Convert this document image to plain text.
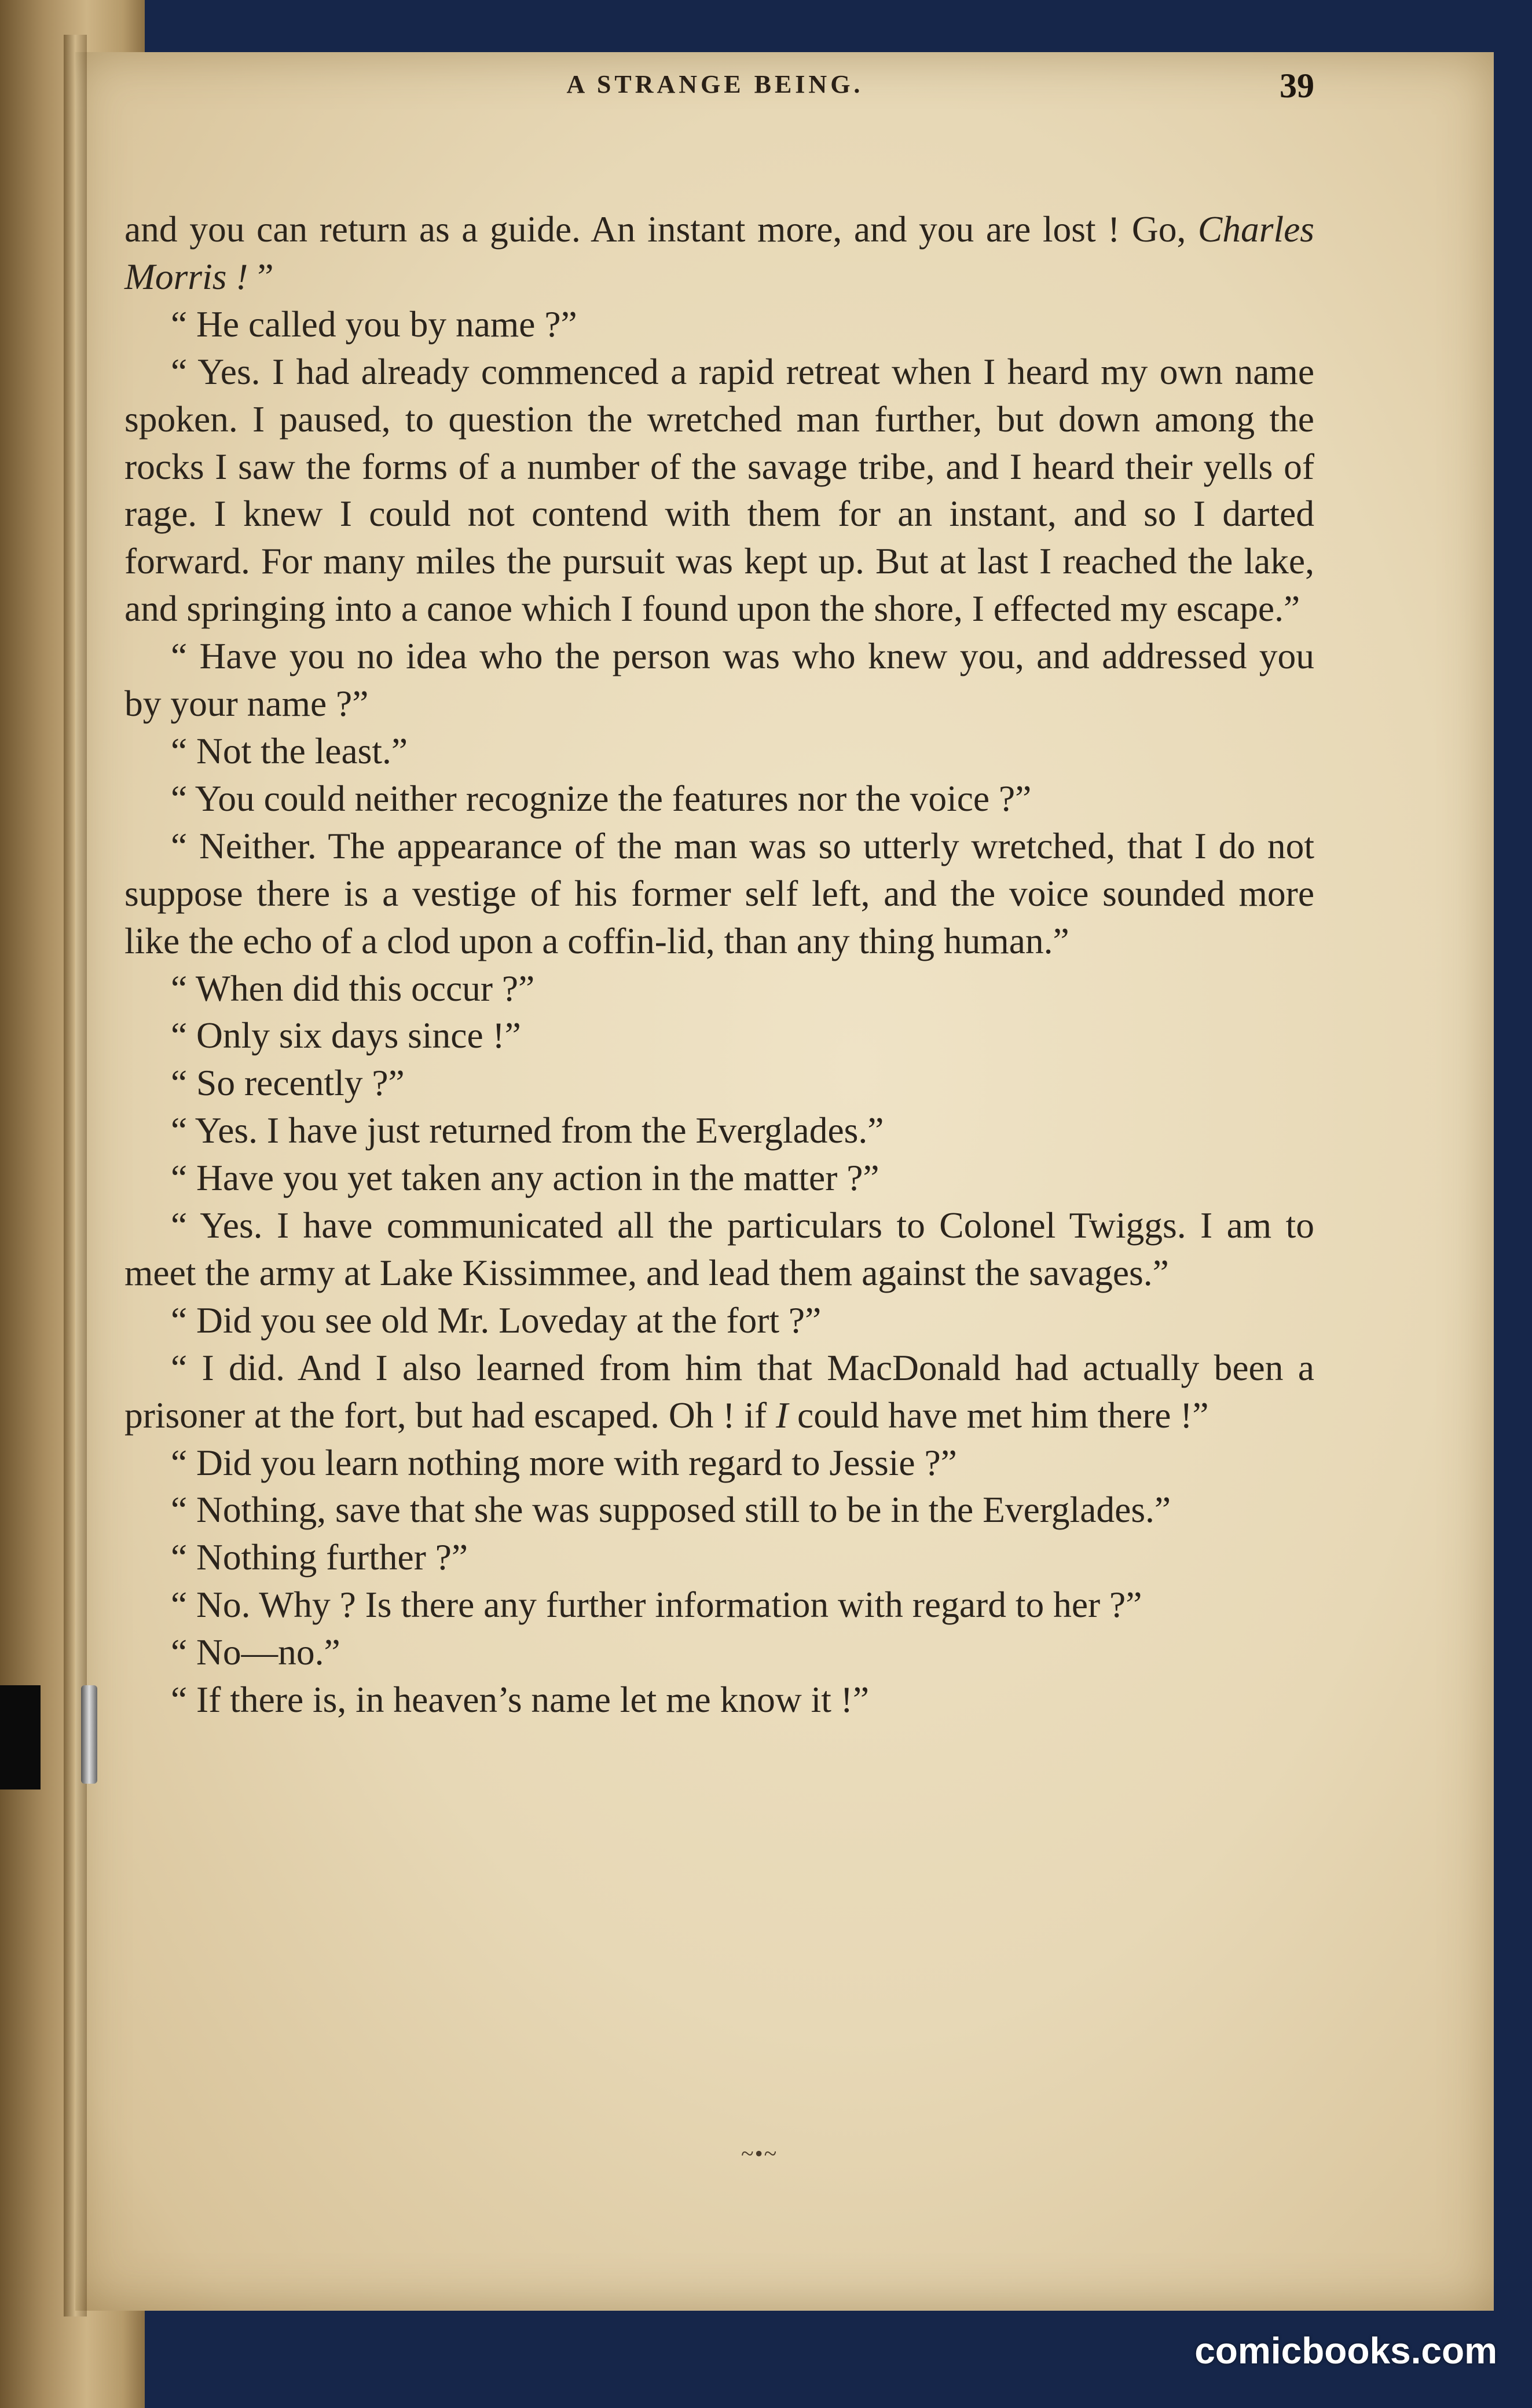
A STRANGE BEING.	39

and you can return as a guide. An instant more, and you are lost ! Go, Charles Morris ! ”

“ He called you by name ?”

“ Yes. I had already commenced a rapid retreat when I heard my own name spoken. I paused, to question the wretched man further, but down among the rocks I saw the forms of a number of the savage tribe, and I heard their yells of rage. I knew I could not contend with them for an instant, and so I darted forward. For many miles the pursuit was kept up. But at last I reached the lake, and springing into a canoe which I found upon the shore, I effected my escape.”

“ Have you no idea who the person was who knew you, and addressed you by your name ?”

“ Not the least.”

“ You could neither recognize the features nor the voice ?”

“ Neither. The appearance of the man was so utterly wretched, that I do not suppose there is a vestige of his former self left, and the voice sounded more like the echo of a clod upon a coffin-lid, than any thing human.”

“ When did this occur ?”

“ Only six days since !”

“ So recently ?”

“ Yes. I have just returned from the Everglades.”

“ Have you yet taken any action in the matter ?”

“ Yes. I have communicated all the particulars to Colonel Twiggs. I am to meet the army at Lake Kissimmee, and lead them against the savages.”

“ Did you see old Mr. Loveday at the fort ?”

“ I did. And I also learned from him that MacDonald had actually been a prisoner at the fort, but had escaped. Oh ! if I could have met him there !”

“ Did you learn nothing more with regard to Jessie ?”

“ Nothing, save that she was supposed still to be in the Everglades.”

“ Nothing further ?”

“ No. Why ? Is there any further information with regard to her ?”

“ No—no.”

“ If there is, in heaven’s name let me know it !”

~•~
comicbooks.com
